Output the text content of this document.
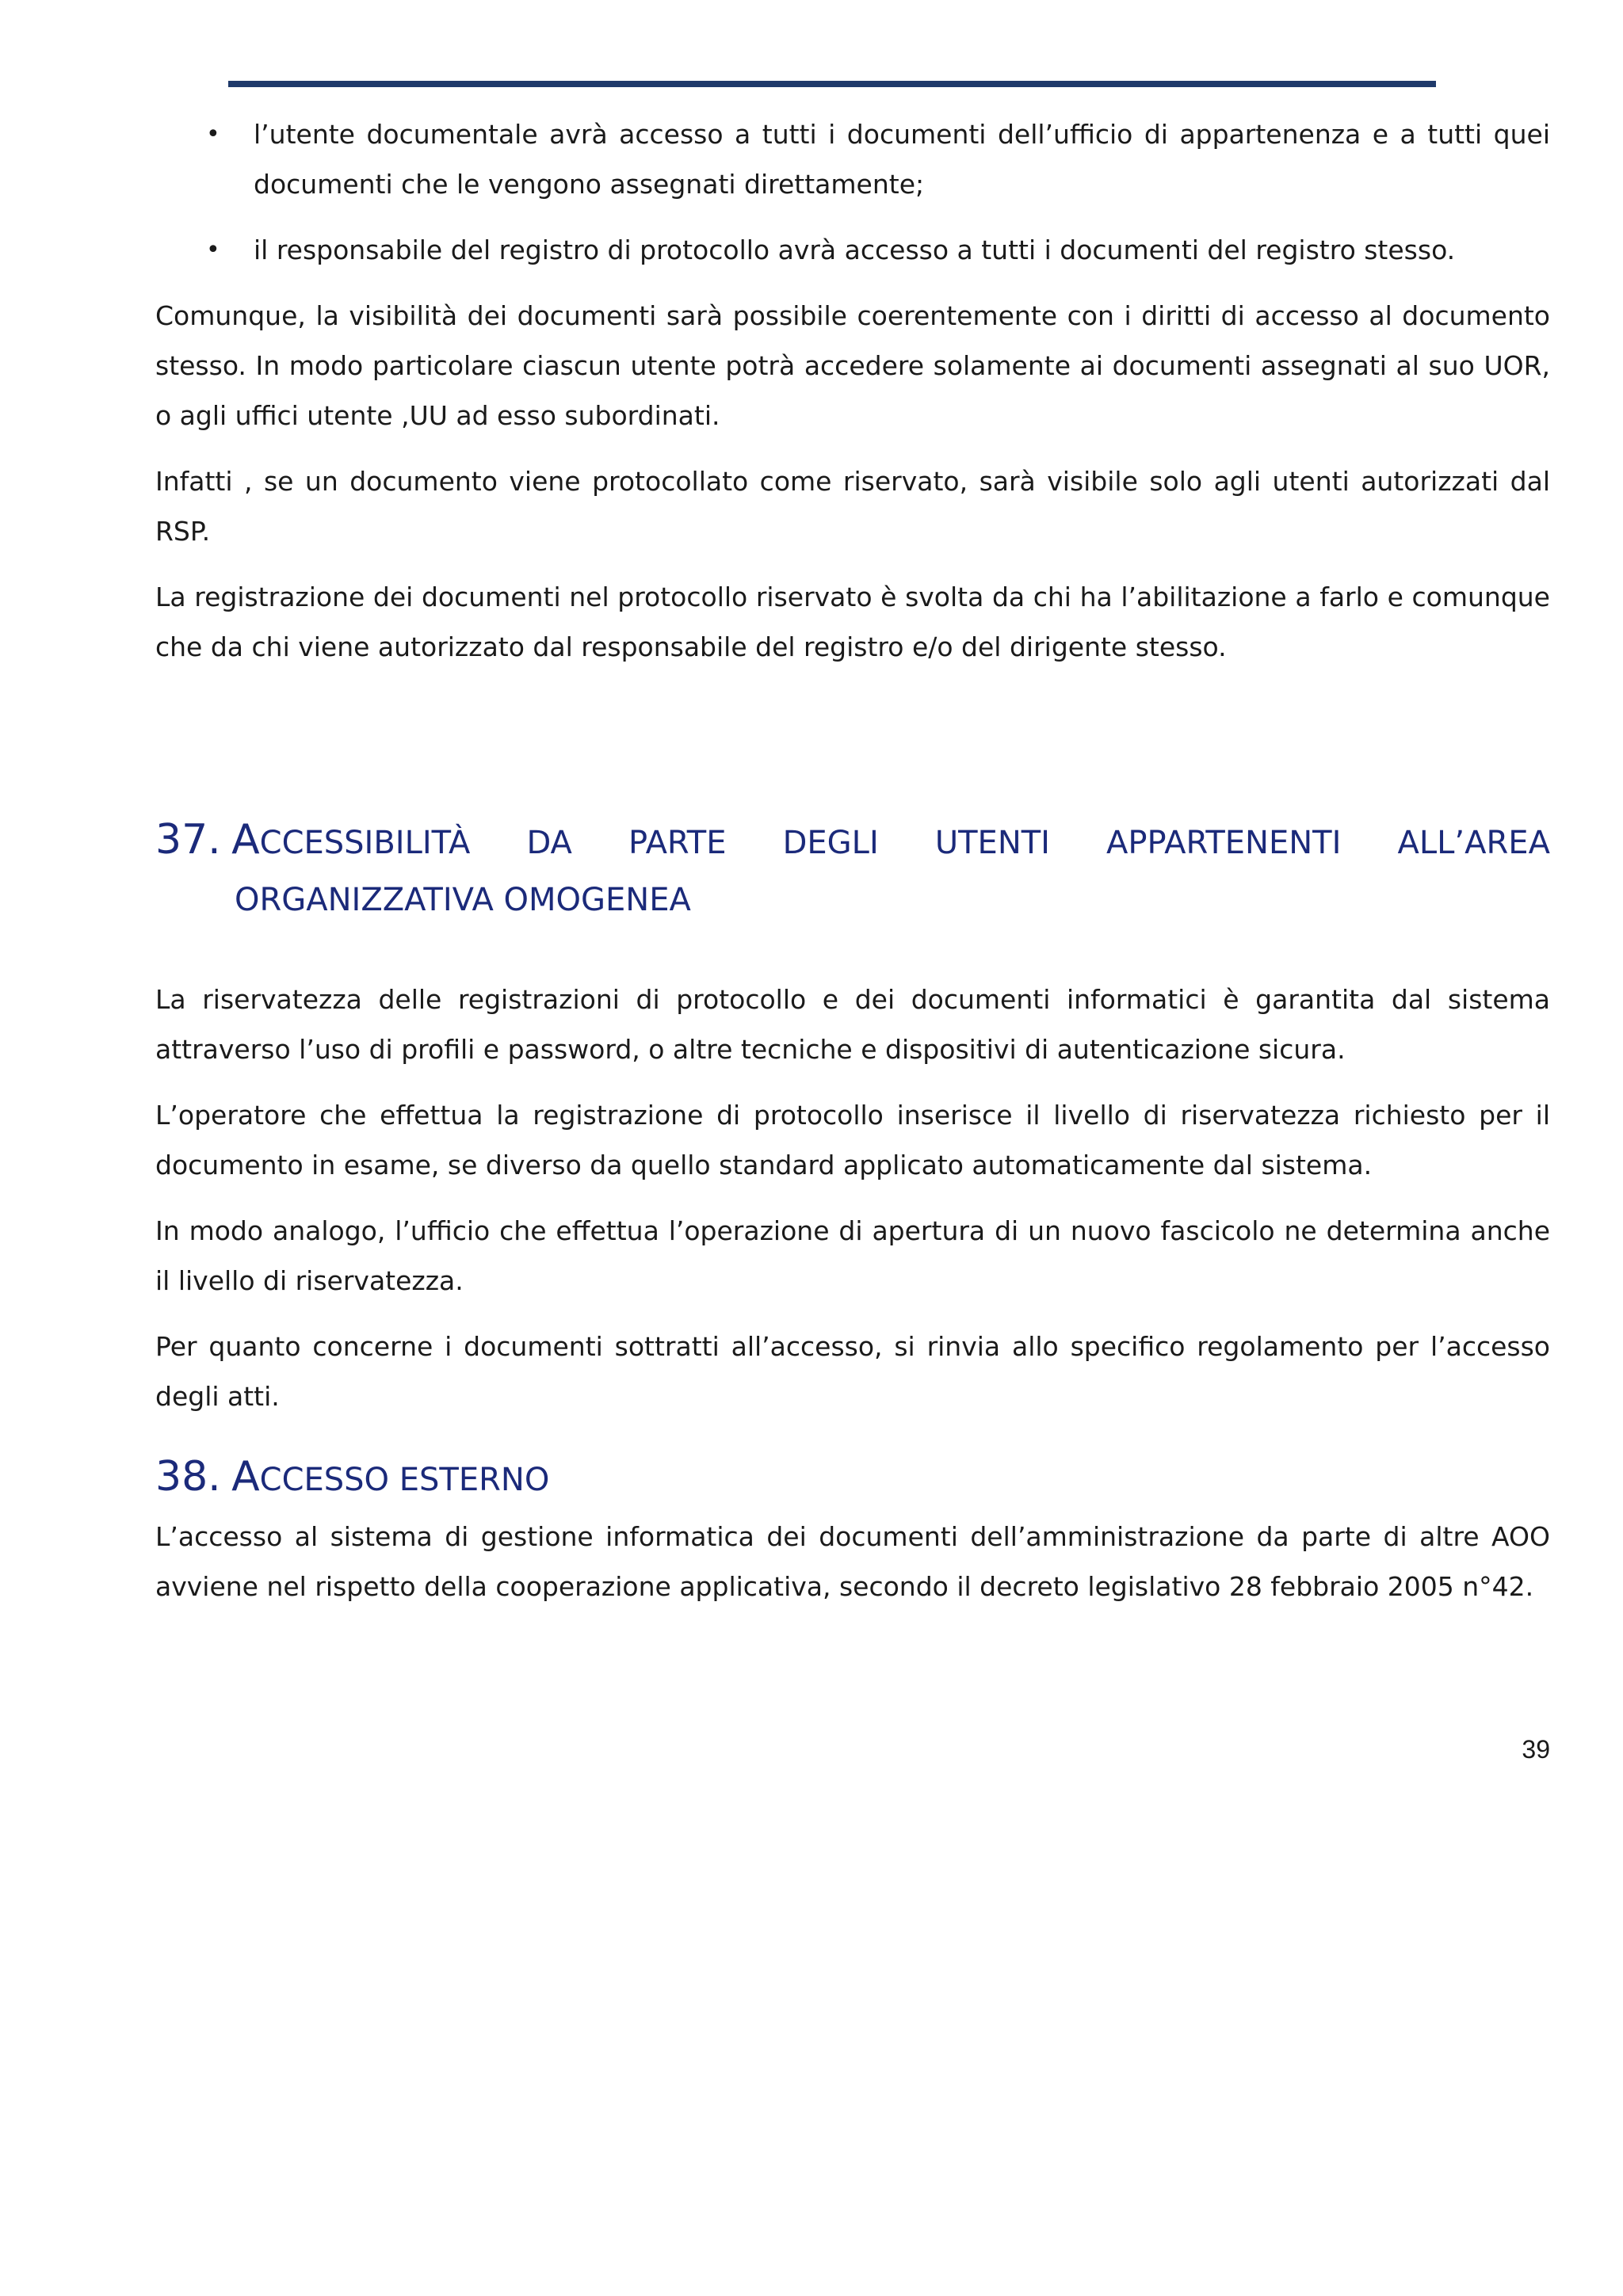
• l’utente documentale avrà accesso a tutti i documenti dell’ufficio di appartenenza e a tutti quei documenti che le vengono assegnati direttamente;
• il responsabile del registro di protocollo avrà accesso a tutti i documenti del registro stesso.

Comunque, la visibilità dei documenti sarà possibile coerentemente con i diritti di accesso al documento stesso. In modo particolare ciascun utente potrà accedere solamente ai documenti assegnati al suo UOR, o agli uffici utente ,UU ad esso subordinati.

Infatti , se un documento viene protocollato come riservato, sarà visibile solo agli utenti autorizzati dal RSP.

La registrazione dei documenti nel protocollo riservato è svolta da chi ha l’abilitazione a farlo e comunque che da chi viene autorizzato dal responsabile del registro e/o del dirigente stesso.

37. ACCESSIBILITÀ DA PARTE DEGLI UTENTI APPARTENENTI ALL’AREA
ORGANIZZATIVA OMOGENEA

La riservatezza delle registrazioni di protocollo e dei documenti informatici è garantita dal sistema attraverso l’uso di profili e password, o altre tecniche e dispositivi di autenticazione sicura.

L’operatore che effettua la registrazione di protocollo inserisce il livello di riservatezza richiesto per il documento in esame, se diverso da quello standard applicato automaticamente dal sistema.

In modo analogo, l’ufficio che effettua l’operazione di apertura di un nuovo fascicolo ne determina anche il livello di riservatezza.

Per quanto concerne i documenti sottratti all’accesso, si rinvia allo specifico regolamento per l’accesso degli atti.

38. ACCESSO ESTERNO

L’accesso al sistema di gestione informatica dei documenti dell’amministrazione da parte di altre AOO avviene nel rispetto della cooperazione applicativa, secondo il decreto legislativo 28 febbraio 2005 n°42.

39
